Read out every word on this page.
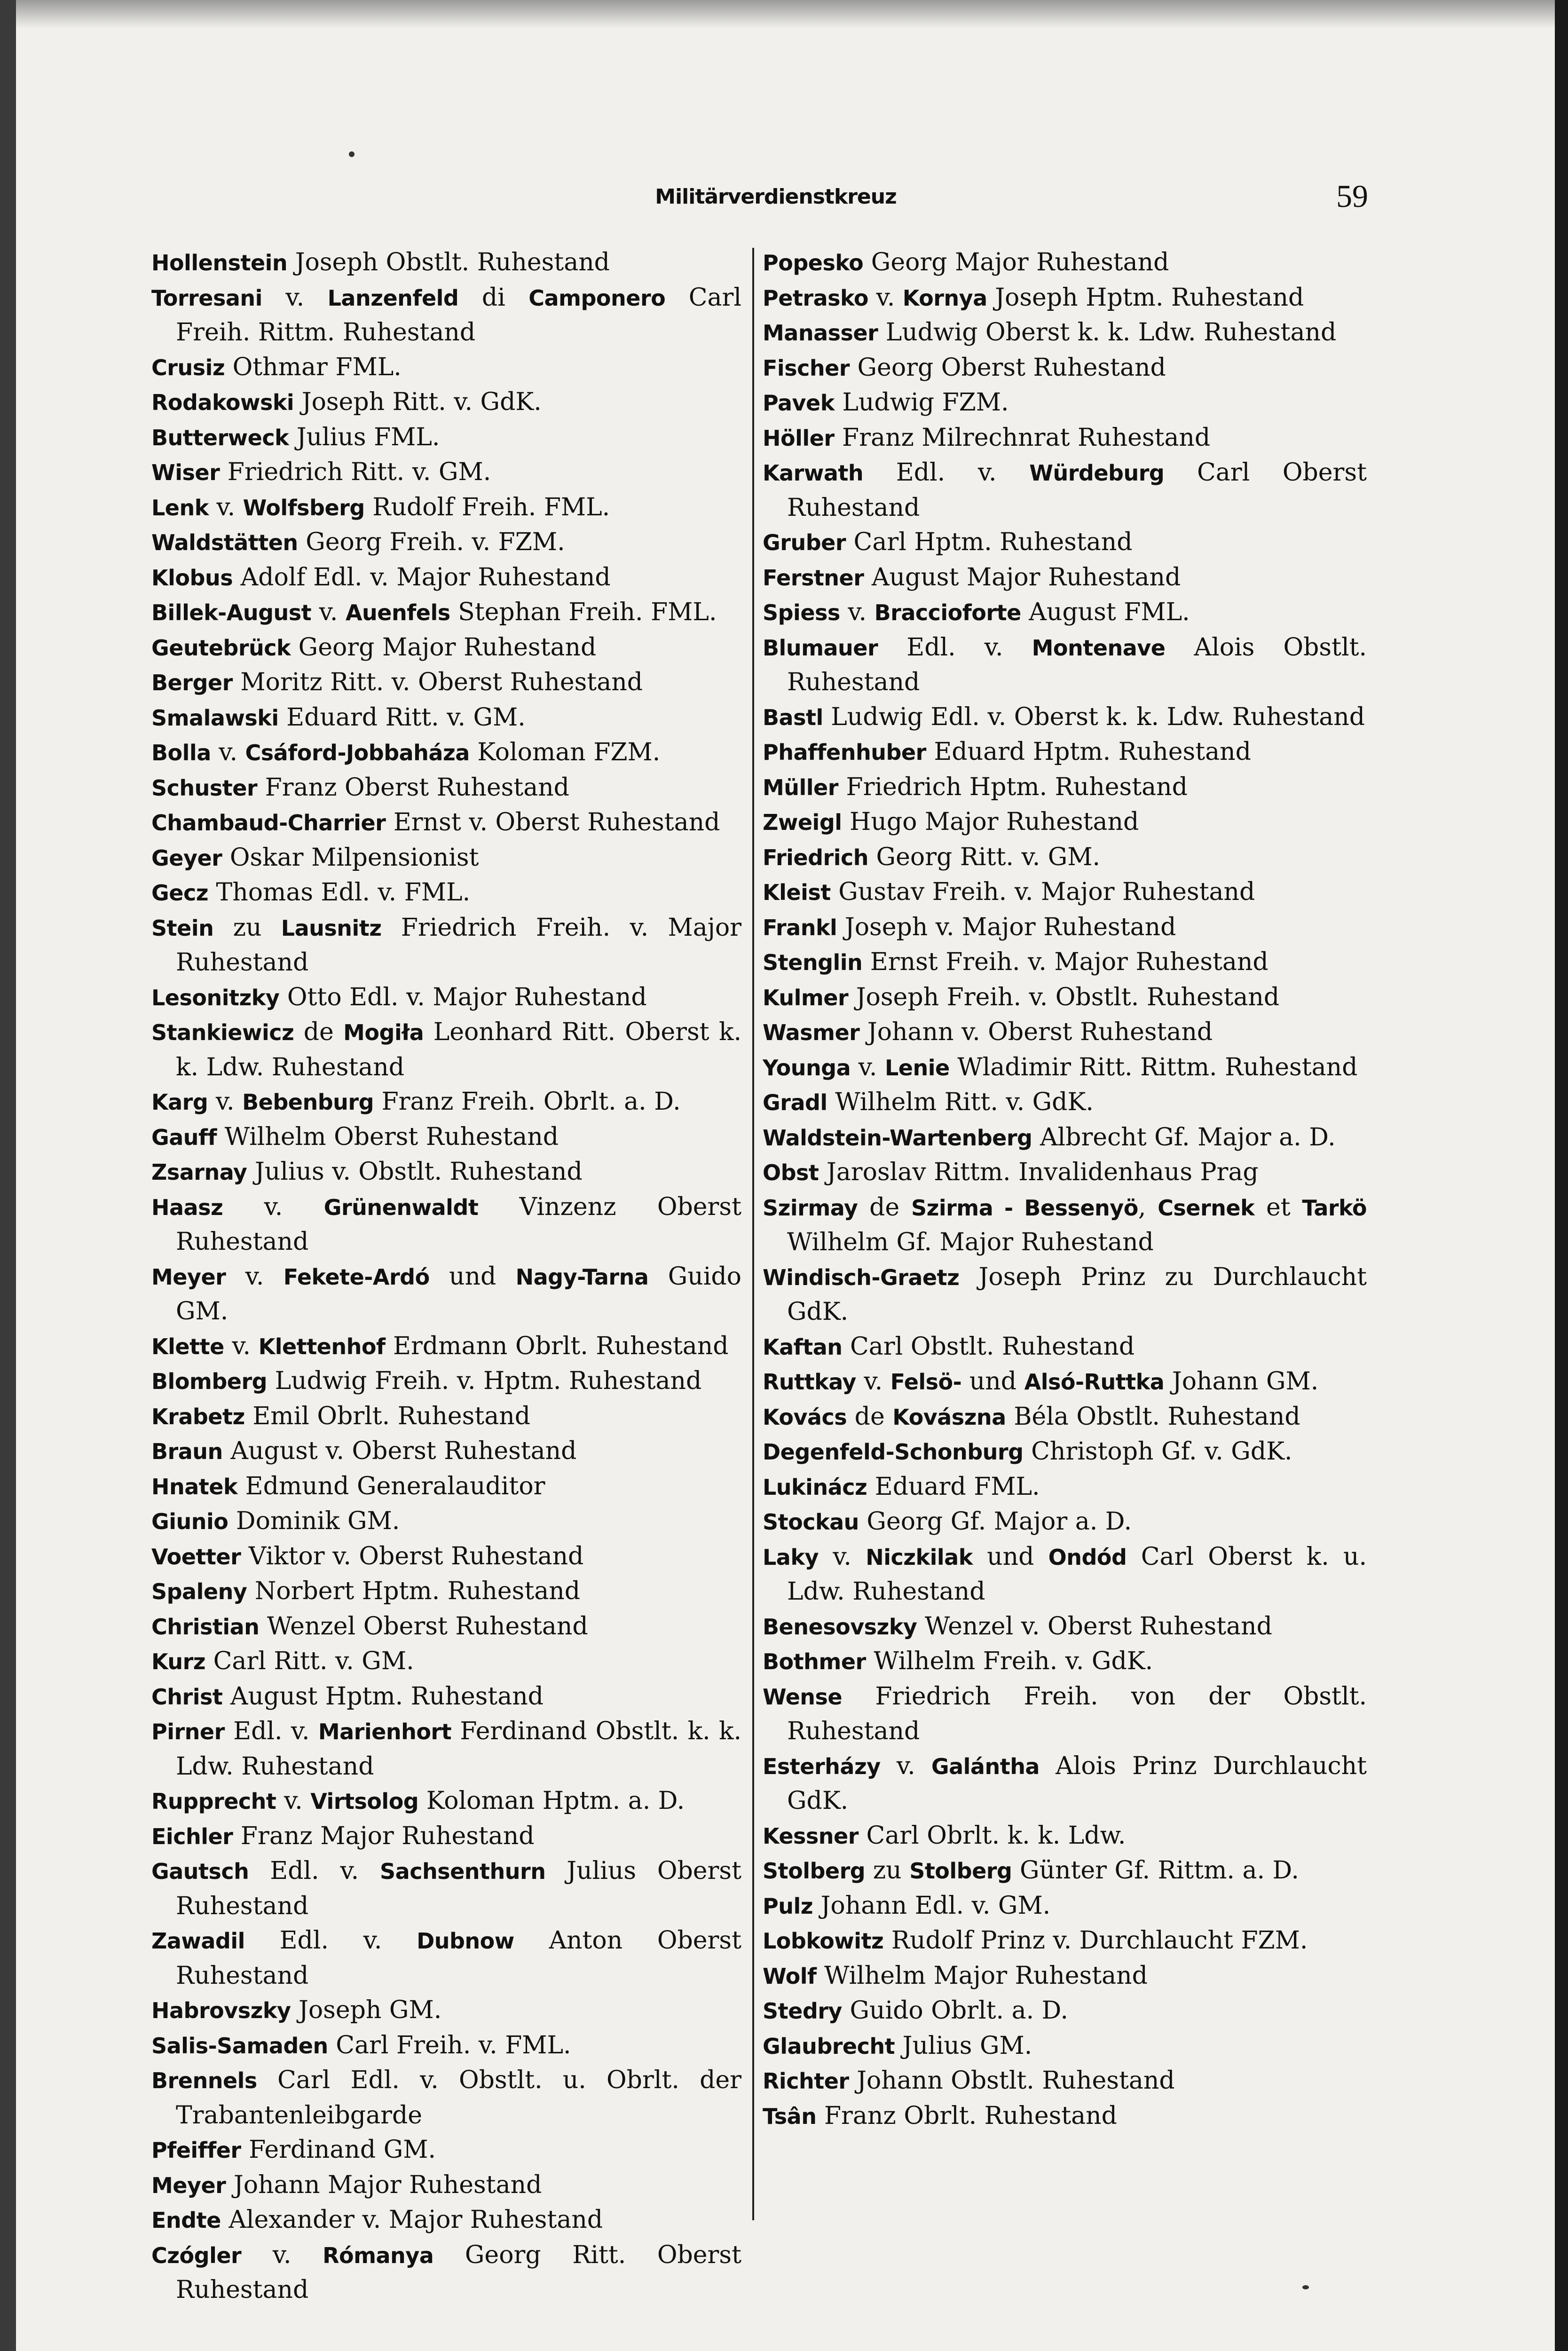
Militärverdienstkreuz	59
Hollenstein Joseph Obstlt. Ruhestand
Torresani v. Lanzenfeld di Camponero Carl Freih. Rittm. Ruhestand
Crusiz Othmar FML.
Rodakowski Joseph Ritt. v. GdK.
Butterweck Julius FML.
Wiser Friedrich Ritt. v. GM.
Lenk v. Wolfsberg Rudolf Freih. FML.
Waldstätten Georg Freih. v. FZM.
Klobus Adolf Edl. v. Major Ruhestand
Billek-August v. Auenfels Stephan Freih. FML.
Geutebrück Georg Major Ruhestand
Berger Moritz Ritt. v. Oberst Ruhestand
Smalawski Eduard Ritt. v. GM.
Bolla v. Csáford-Jobbaháza Koloman FZM.
Schuster Franz Oberst Ruhestand
Chambaud-Charrier Ernst v. Oberst Ruhestand
Geyer Oskar Milpensionist
Gecz Thomas Edl. v. FML.
Stein zu Lausnitz Friedrich Freih. v. Major Ruhestand
Lesonitzky Otto Edl. v. Major Ruhestand
Stankiewicz de Mogiła Leonhard Ritt. Oberst k. k. Ldw. Ruhestand
Karg v. Bebenburg Franz Freih. Obrlt. a. D.
Gauff Wilhelm Oberst Ruhestand
Zsarnay Julius v. Obstlt. Ruhestand
Haasz v. Grünenwaldt Vinzenz Oberst Ruhestand
Meyer v. Fekete-Ardó und Nagy-Tarna Guido GM.
Klette v. Klettenhof Erdmann Obrlt. Ruhestand
Blomberg Ludwig Freih. v. Hptm. Ruhestand
Krabetz Emil Obrlt. Ruhestand
Braun August v. Oberst Ruhestand
Hnatek Edmund Generalauditor
Giunio Dominik GM.
Voetter Viktor v. Oberst Ruhestand
Spaleny Norbert Hptm. Ruhestand
Christian Wenzel Oberst Ruhestand
Kurz Carl Ritt. v. GM.
Christ August Hptm. Ruhestand
Pirner Edl. v. Marienhort Ferdinand Obstlt. k. k. Ldw. Ruhestand
Rupprecht v. Virtsolog Koloman Hptm. a. D.
Eichler Franz Major Ruhestand
Gautsch Edl. v. Sachsenthurn Julius Oberst Ruhestand
Zawadil Edl. v. Dubnow Anton Oberst Ruhestand
Habrovszky Joseph GM.
Salis-Samaden Carl Freih. v. FML.
Brennels Carl Edl. v. Obstlt. u. Obrlt. der Trabantenleibgarde
Pfeiffer Ferdinand GM.
Meyer Johann Major Ruhestand
Endte Alexander v. Major Ruhestand
Czógler v. Rómanya Georg Ritt. Oberst Ruhestand
Popesko Georg Major Ruhestand
Petrasko v. Kornya Joseph Hptm. Ruhestand
Manasser Ludwig Oberst k. k. Ldw. Ruhestand
Fischer Georg Oberst Ruhestand
Pavek Ludwig FZM.
Höller Franz Milrechnrat Ruhestand
Karwath Edl. v. Würdeburg Carl Oberst Ruhestand
Gruber Carl Hptm. Ruhestand
Ferstner August Major Ruhestand
Spiess v. Braccioforte August FML.
Blumauer Edl. v. Montenave Alois Obstlt. Ruhestand
Bastl Ludwig Edl. v. Oberst k. k. Ldw. Ruhestand
Phaffenhuber Eduard Hptm. Ruhestand
Müller Friedrich Hptm. Ruhestand
Zweigl Hugo Major Ruhestand
Friedrich Georg Ritt. v. GM.
Kleist Gustav Freih. v. Major Ruhestand
Frankl Joseph v. Major Ruhestand
Stenglin Ernst Freih. v. Major Ruhestand
Kulmer Joseph Freih. v. Obstlt. Ruhestand
Wasmer Johann v. Oberst Ruhestand
Younga v. Lenie Wladimir Ritt. Rittm. Ruhestand
Gradl Wilhelm Ritt. v. GdK.
Waldstein-Wartenberg Albrecht Gf. Major a. D.
Obst Jaroslav Rittm. Invalidenhaus Prag
Szirmay de Szirma - Bessenyö, Csernek et Tarkö Wilhelm Gf. Major Ruhestand
Windisch-Graetz Joseph Prinz zu Durchlaucht GdK.
Kaftan Carl Obstlt. Ruhestand
Ruttkay v. Felsö- und Alsó-Ruttka Johann GM.
Kovács de Kovászna Béla Obstlt. Ruhestand
Degenfeld-Schonburg Christoph Gf. v. GdK.
Lukinácz Eduard FML.
Stockau Georg Gf. Major a. D.
Laky v. Niczkilak und Ondód Carl Oberst k. u. Ldw. Ruhestand
Benesovszky Wenzel v. Oberst Ruhestand
Bothmer Wilhelm Freih. v. GdK.
Wense Friedrich Freih. von der Obstlt. Ruhestand
Esterházy v. Galántha Alois Prinz Durchlaucht GdK.
Kessner Carl Obrlt. k. k. Ldw.
Stolberg zu Stolberg Günter Gf. Rittm. a. D.
Pulz Johann Edl. v. GM.
Lobkowitz Rudolf Prinz v. Durchlaucht FZM.
Wolf Wilhelm Major Ruhestand
Stedry Guido Obrlt. a. D.
Glaubrecht Julius GM.
Richter Johann Obstlt. Ruhestand
Tsân Franz Obrlt. Ruhestand
